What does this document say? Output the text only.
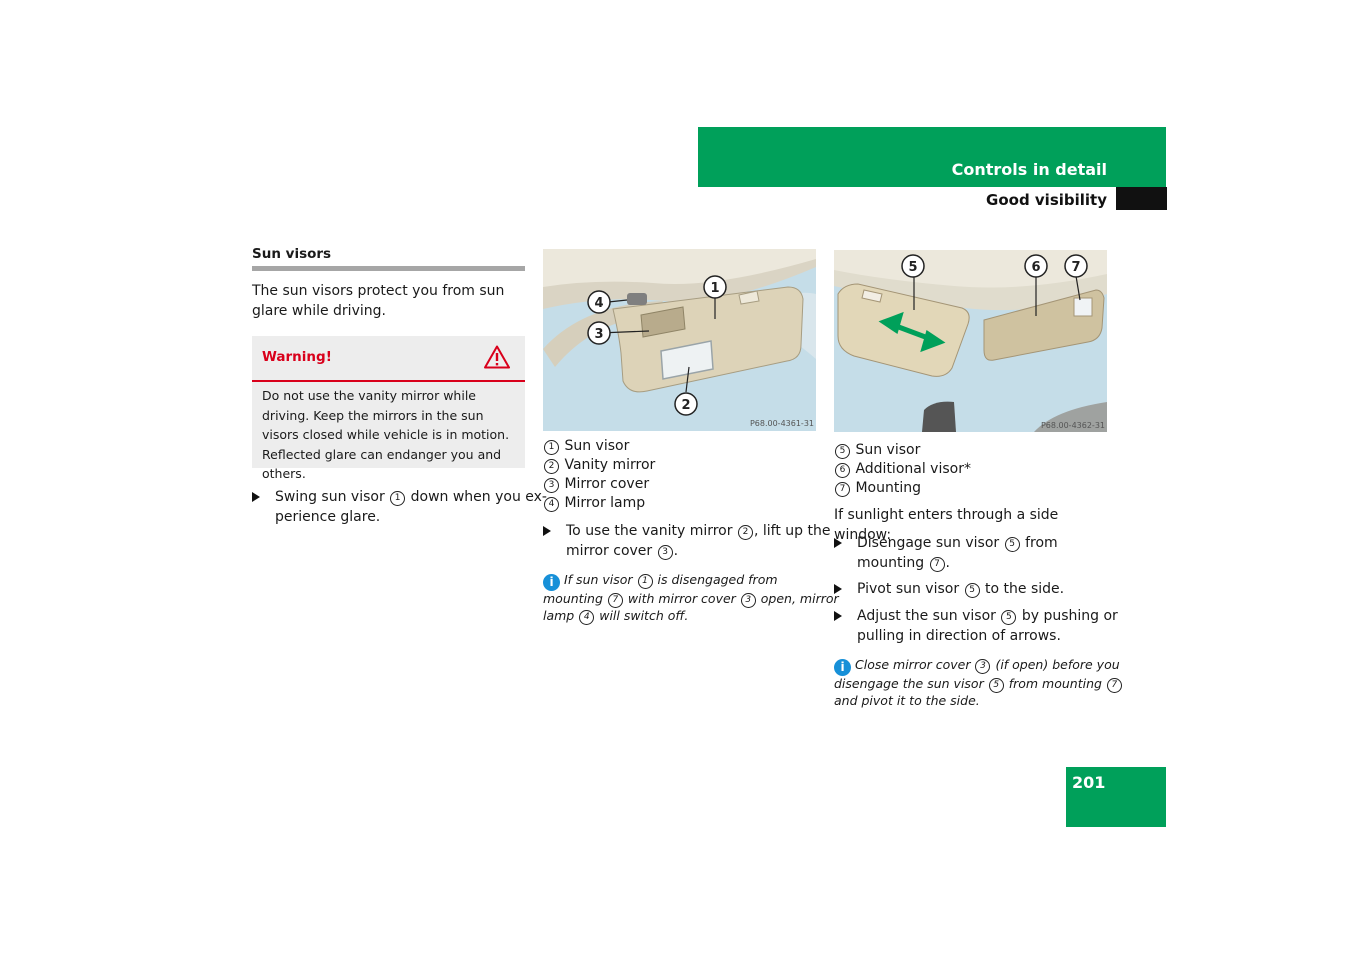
Controls in detail
Good visibility
Sun visors
The sun visors protect you from sun glare while driving.
Warning!
Do not use the vanity mirror while driving. Keep the mirrors in the sun visors closed while vehicle is in motion. Reflected glare can endanger you and others.
Swing sun visor 1 down when you ex-
perience glare.
1
2
3
4
P68.00-4361-31
1 Sun visor
2 Vanity mirror
3 Mirror cover
4 Mirror lamp
To use the vanity mirror 2 , lift up the
mirror cover 3 .
i If sun visor 1 is disengaged from
mounting 7 with mirror cover 3 open, mirror
lamp 4 will switch off.
5	6 7
P68.00-4362-31
5 Sun visor
6 Additional visor*
7 Mounting
If sunlight enters through a side window:
Disengage sun visor 5 from
mounting 7 .
Pivot sun visor 5 to the side.
Adjust the sun visor 5 by pushing or
pulling in direction of arrows.
i Close mirror cover 3 (if open) before you
disengage the sun visor 5 from mounting 7
and pivot it to the side.
201
